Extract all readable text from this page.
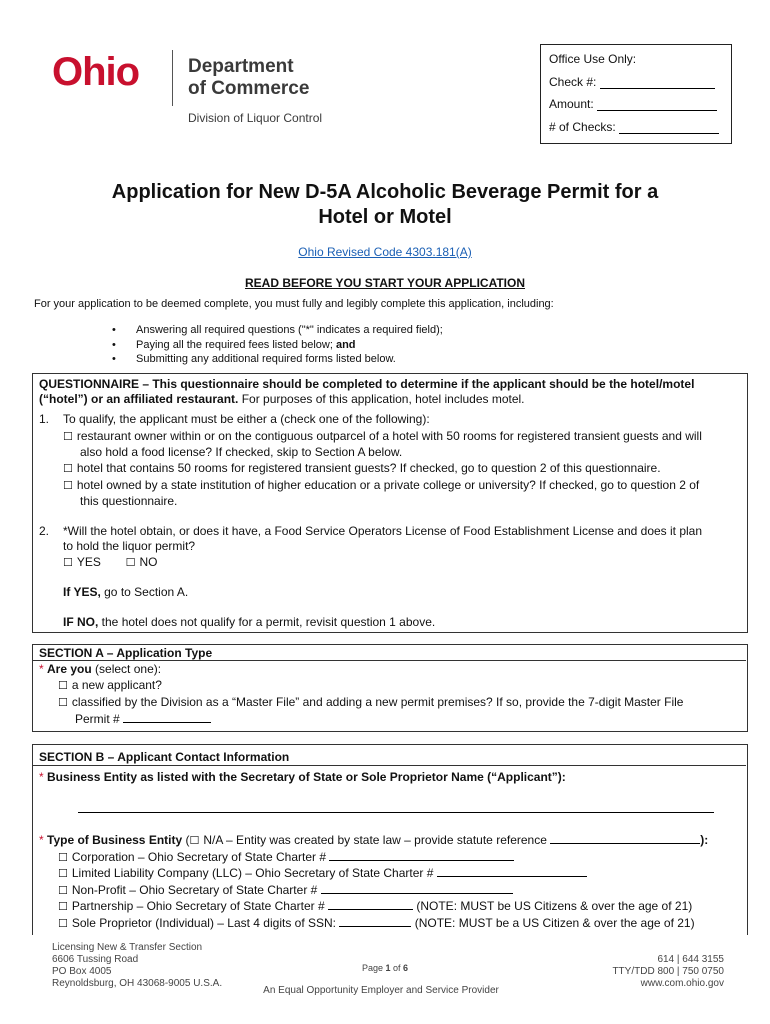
Ohio	Department
of Commerce
Division of Liquor Control
Office Use Only:
Check #:
Amount:
# of Checks:
Application for New D-5A Alcoholic Beverage Permit for a
Hotel or Motel
Ohio Revised Code 4303.181(A)
READ BEFORE YOU START YOUR APPLICATION
For your application to be deemed complete, you must fully and legibly complete this application, including:
• Answering all required questions ("*" indicates a required field);
• Paying all the required fees listed below; and
• Submitting any additional required forms listed below.
QUESTIONNAIRE – This questionnaire should be completed to determine if the applicant should be the hotel/motel
(“hotel”) or an affiliated restaurant. For purposes of this application, hotel includes motel.
1. To qualify, the applicant must be either a (check one of the following):
☐ restaurant owner within or on the contiguous outparcel of a hotel with 50 rooms for registered transient guests and will
also hold a food license? If checked, skip to Section A below.
☐ hotel that contains 50 rooms for registered transient guests? If checked, go to question 2 of this questionnaire.
☐ hotel owned by a state institution of higher education or a private college or university? If checked, go to question 2 of
this questionnaire.
2. *Will the hotel obtain, or does it have, a Food Service Operators License of Food Establishment License and does it plan
to hold the liquor permit?
☐ YES	☐ NO
If YES, go to Section A.
IF NO, the hotel does not qualify for a permit, revisit question 1 above.
SECTION A – Application Type
* Are you (select one):
☐ a new applicant?
☐ classified by the Division as a “Master File” and adding a new permit premises? If so, provide the 7-digit Master File
Permit #
SECTION B – Applicant Contact Information
* Business Entity as listed with the Secretary of State or Sole Proprietor Name (“Applicant”):
* Type of Business Entity ( ☐ N/A – Entity was created by state law – provide statute reference	):
☐ Corporation – Ohio Secretary of State Charter #
☐ Limited Liability Company (LLC) – Ohio Secretary of State Charter #
☐ Non-Profit – Ohio Secretary of State Charter #
☐ Partnership – Ohio Secretary of State Charter #	(NOTE: MUST be US Citizens & over the age of 21)
☐ Sole Proprietor (Individual) – Last 4 digits of SSN:	(NOTE: MUST be a US Citizen & over the age of 21)
Licensing New & Transfer Section
6606 Tussing Road
PO Box 4005
Reynoldsburg, OH 43068-9005 U.S.A.
Page 1 of 6
An Equal Opportunity Employer and Service Provider
614 | 644 3155
TTY/TDD 800 | 750 0750
www.com.ohio.gov
